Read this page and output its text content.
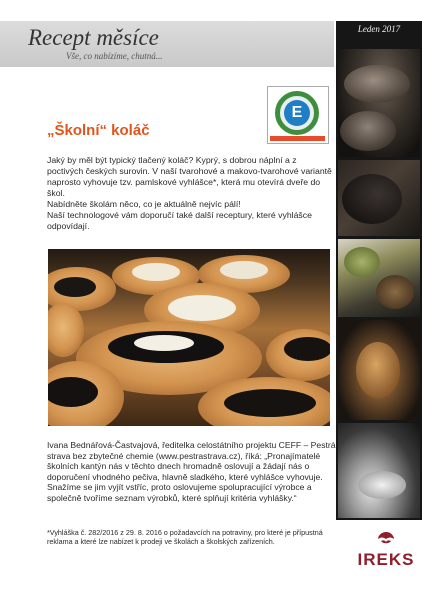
Recept měsíce
Vše, co nabízíme, chutná...
Leden 2017
E
„Školní“ koláč

Jaký by měl být typický tlačený koláč? Kyprý, s dobrou náplní a z poctivých českých surovin. V naší tvarohové a makovo-tvarohové variantě naprosto vyhovuje tzv. pamlskové vyhlášce*, která mu otevírá dveře do škol.

Nabídněte školám něco, co je aktuálně nejvíc pálí!

Naší technologové vám doporučí také další receptury, které vyhlášce odpovídají.

Ivana Bednářová-Častvajová, ředitelka celostátního projektu CEFF – Pestrá strava bez zbytečné chemie (www.pestrastrava.cz), říká: „Pronajímatelé školních kantýn nás v těchto dnech hromadně oslovují a žádají nás o doporučení vhodného pečiva, hlavně sladkého, které vyhlášce vyhovuje. Snažíme se jim vyjít vstříc, proto oslovujeme spolupracující výrobce a společně tvoříme seznam výrobků, které splňují kritéria vyhlášky.“
*Vyhláška č. 282/2016 z 29. 8. 2016 o požadavcích na potraviny, pro které je přípustná reklama a které lze nabízet k prodeji ve školách a školských zařízeních.
IREKS
